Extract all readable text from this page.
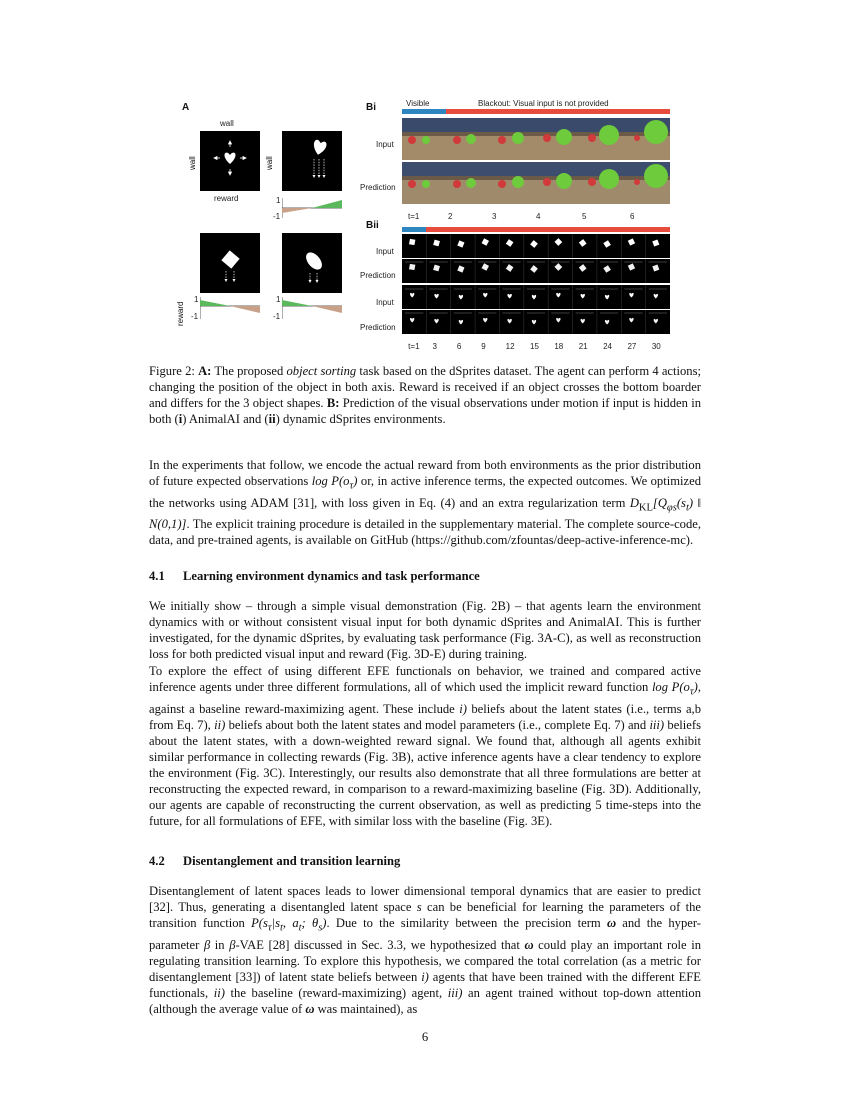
A
wall
wall	wall
reward	1
-1
reward
1
-1
1
-1
Bi	Visible	Blackout: Visual input is not provided
Input
Prediction
t=1	2	3	4	5	6
Bii
Input
Prediction
Input
Prediction
t=1 3 6 9 12 15 18 21 24 27 30
Figure 2: A: The proposed object sorting task based on the dSprites dataset. The agent can perform 4 actions; changing the position of the object in both axis. Reward is received if an object crosses the bottom boarder and differs for the 3 object shapes. B: Prediction of the visual observations under motion if input is hidden in both (i) AnimalAI and (ii) dynamic dSprites environments.
In the experiments that follow, we encode the actual reward from both environments as the prior distribution of future expected observations $\log P(o_\tau)$ or, in active inference terms, the expected outcomes. We optimized the networks using ADAM [31], with loss given in Eq. (4) and an extra regularization term $D_{KL}[Q_{\varphi s}(s_t)$ ‖ N(0,1)]. The explicit training procedure is detailed in the supplementary material. The complete source-code, data, and pre-trained agents, is available on GitHub (https://github.com/zfountas/deep-active-inference-mc).
4.1 Learning environment dynamics and task performance
We initially show – through a simple visual demonstration (Fig. 2B) – that agents learn the environment dynamics with or without consistent visual input for both dynamic dSprites and AnimalAI. This is further investigated, for the dynamic dSprites, by evaluating task performance (Fig. 3A-C), as well as reconstruction loss for both predicted visual input and reward (Fig. 3D-E) during training.
To explore the effect of using different EFE functionals on behavior, we trained and compared active inference agents under three different formulations, all of which used the implicit reward function $\log P(o_\tau)$, against a baseline reward-maximizing agent. These include i) beliefs about the latent states (i.e., terms a,b from Eq. 7), ii) beliefs about both the latent states and model parameters (i.e., complete Eq. 7) and iii) beliefs about the latent states, with a down-weighted reward signal. We found that, although all agents exhibit similar performance in collecting rewards (Fig. 3B), active inference agents have a clear tendency to explore the environment (Fig. 3C). Interestingly, our results also demonstrate that all three formulations are better at reconstructing the expected reward, in comparison to a reward-maximizing baseline (Fig. 3D). Additionally, our agents are capable of reconstructing the current observation, as well as predicting 5 time-steps into the future, for all formulations of EFE, with similar loss with the baseline (Fig. 3E).
4.2 Disentanglement and transition learning
Disentanglement of latent spaces leads to lower dimensional temporal dynamics that are easier to predict [32]. Thus, generating a disentangled latent space s can be beneficial for learning the parameters of the transition function $P(s_\tau|s_t$, $a_t$; $\theta_s$). Due to the similarity between the precision term ω and the hyper-parameter β in β-VAE [28] discussed in Sec. 3.3, we hypothesized that ω could play an important role in regulating transition learning. To explore this hypothesis, we compared the total correlation (as a metric for disentanglement [33]) of latent state beliefs between i) agents that have been trained with the different EFE functionals, ii) the baseline (reward-maximizing) agent, iii) an agent trained without top-down attention (although the average value of ω was maintained), as
6
